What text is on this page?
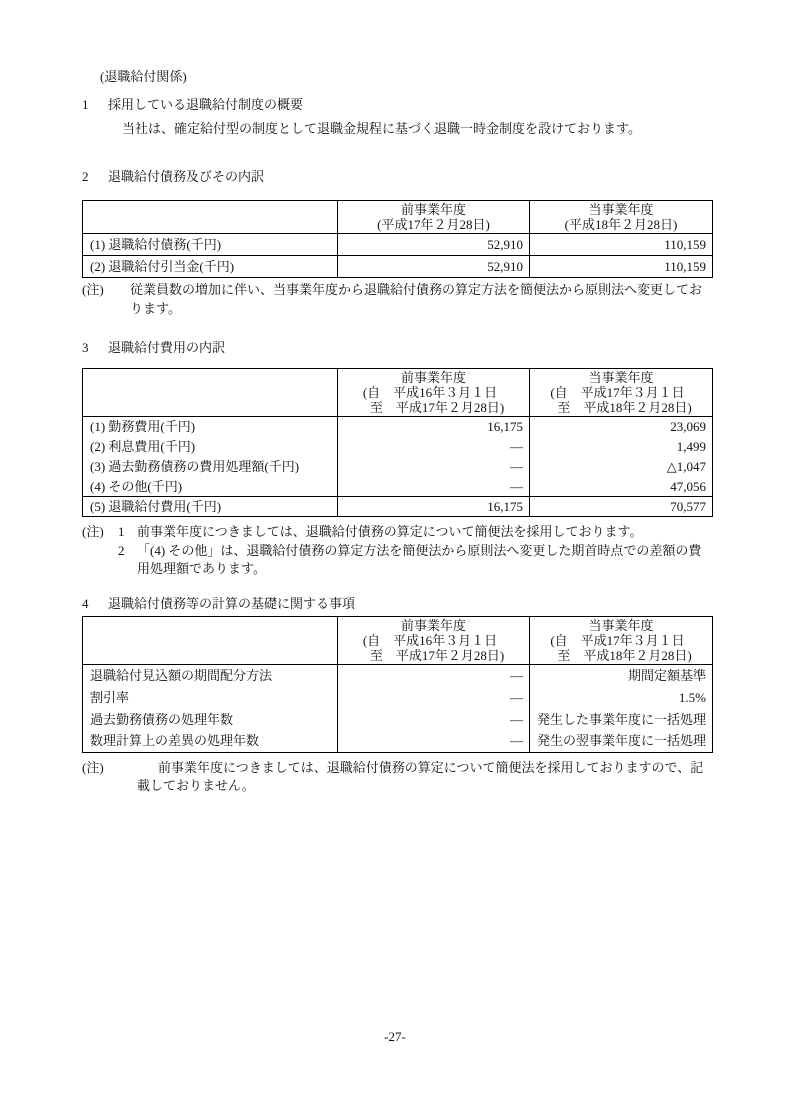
(退職給付関係)
1	採用している退職給付制度の概要
当社は、確定給付型の制度として退職金規程に基づく退職一時金制度を設けております。
2	退職給付債務及びその内訳

前事業年度
(平成17年２月28日)

当事業年度
(平成18年２月28日)

(1) 退職給付債務(千円)	52,910	110,159
(2) 退職給付引当金(千円)	52,910	110,159
(注)	従業員数の増加に伴い、当事業年度から退職給付債務の算定方法を簡便法から原則法へ変更しております。
3	退職給付費用の内訳

前事業年度
(自　平成16年３月１日
至　平成17年２月28日)

当事業年度
(自　平成17年３月１日
至　平成18年２月28日)

(1) 勤務費用(千円)	16,175	23,069
(2) 利息費用(千円)	―	1,499
(3) 過去勤務債務の費用処理額(千円)	―	△1,047
(4) その他(千円)	―	47,056
(5) 退職給付費用(千円)	16,175	70,577
(注)	1 前事業年度につきましては、退職給付債務の算定について簡便法を採用しております。
2 「(4) その他」は、退職給付債務の算定方法を簡便法から原則法へ変更した期首時点での差額の費用処理額であります。
4	退職給付債務等の計算の基礎に関する事項

前事業年度
(自　平成16年３月１日
至　平成17年２月28日)

当事業年度
(自　平成17年３月１日
至　平成18年２月28日)

退職給付見込額の期間配分方法	―	期間定額基準
割引率	―	1.5%
過去勤務債務の処理年数	―	発生した事業年度に一括処理
数理計算上の差異の処理年数	―	発生の翌事業年度に一括処理
(注)	前事業年度につきましては、退職給付債務の算定について簡便法を採用しておりますので、記載しておりません。
-27-
